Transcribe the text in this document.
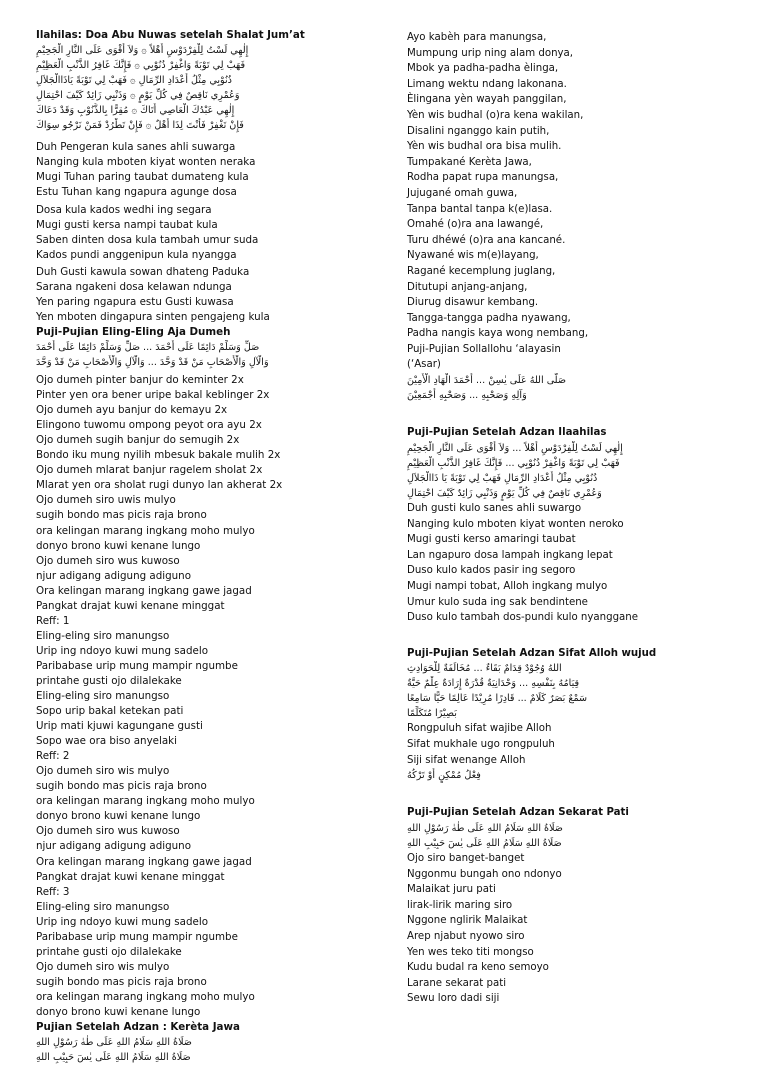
Ilahilas: Doa Abu Nuwas setelah Shalat Jum’at
إِلٰهِي لَسْتُ لِلْفِرْدَوْسِ أَهْلاً ۞ وَلاَ أَقْوَى عَلَى النَّارِ الْجَحِيْمِ
فَهَبْ لِي تَوْبَةً وَاغْفِرْ ذُنُوْبِي ۞ فَإِنَّكَ غَافِرُ الذَّنْبِ الْعَظِيْمِ
ذُنُوْبِي مِثْلُ أَعْدَادِ الرِّمَالِ ۞ فَهَبْ لِي تَوْبَةً يَاذَاالْجَلاَلِ
وَعُمْرِي نَاقِصٌ فِي كُلِّ يَوْمٍ ۞ وَذَنْبِي زَائِدٌ كَيْفَ احْتِمَالِ
إِلٰهِي عَبْدُكَ الْعَاصِي أَتَاكَ ۞ مُقِرًّا بِالذُّنُوْبِ وَقَدْ دَعَاكَ
فَإِنْ تَغْفِرْ فَأَنْتَ لِذَا أَهْلٌ ۞ فَإِنْ تَطْرُدْ فَمَنْ نَرْجُو سِوَاكَ
Duh Pengeran kula sanes ahli suwarga
Nanging kula mboten kiyat wonten neraka
Mugi Tuhan paring taubat dumateng kula
Estu Tuhan kang ngapura agunge dosa
Dosa kula kados wedhi ing segara
Mugi gusti kersa nampi taubat kula
Saben dinten dosa kula tambah umur suda
Kados pundi anggenipun kula nyangga
Duh Gusti kawula sowan dhateng Paduka
Sarana ngakeni dosa kelawan ndunga
Yen paring ngapura estu Gusti kuwasa
Yen mboten dingapura sinten pengajeng kula
Puji-Pujian Eling-Eling Aja Dumeh
صَلِّ وَسَلِّمْ دَائِمًا عَلَى أَحْمَدَ ... صَلِّ وَسَلِّمْ دَائِمًا عَلَى أَحْمَدَ
وَالْآلِ وَالْأَصْحَابِ مَنْ قَدْ وَحَّدَ ... وَالْآلِ وَالْأَصْحَابِ مَنْ قَدْ وَحَّدَ
Ojo dumeh pinter banjur do keminter 2x
Pinter yen ora bener uripe bakal keblinger 2x
Ojo dumeh ayu banjur do kemayu 2x
Elingono tuwomu ompong peyot ora ayu 2x
Ojo dumeh sugih banjur do semugih 2x
Bondo iku mung nyilih mbesuk bakale mulih 2x
Ojo dumeh mlarat banjur ragelem sholat 2x
Mlarat yen ora sholat rugi dunyo lan akherat 2x
Ojo dumeh siro uwis mulyo
sugih bondo mas picis raja brono
ora kelingan marang ingkang moho mulyo
donyo brono kuwi kenane lungo
Ojo dumeh siro wus kuwoso
njur adigang adigung adiguno
Ora kelingan marang ingkang gawe jagad
Pangkat drajat kuwi kenane minggat
Reff: 1
Eling-eling siro manungso
Urip ing ndoyo kuwi mung sadelo
Paribabase urip mung mampir ngumbe
printahe gusti ojo dilalekake
Eling-eling siro manungso
Sopo urip bakal ketekan pati
Urip mati kjuwi kagungane gusti
Sopo wae ora biso anyelaki
Reff: 2
Ojo dumeh siro wis mulyo
sugih bondo mas picis raja brono
ora kelingan marang ingkang moho mulyo
donyo brono kuwi kenane lungo
Ojo dumeh siro wus kuwoso
njur adigang adigung adiguno
Ora kelingan marang ingkang gawe jagad
Pangkat drajat kuwi kenane minggat
Reff: 3
Eling-eling siro manungso
Urip ing ndoyo kuwi mung sadelo
Paribabase urip mung mampir ngumbe
printahe gusti ojo dilalekake
Ojo dumeh siro wis mulyo
sugih bondo mas picis raja brono
ora kelingan marang ingkang moho mulyo
donyo brono kuwi kenane lungo
Pujian Setelah Adzan : Kerèta Jawa
صَلَاةُ اللهِ سَلَامُ اللهِ عَلَى طٰهٰ رَسُوْلِ اللهِ
صَلَاةُ اللهِ سَلَامُ اللهِ عَلَى يٰسٓ حَبِيْبِ اللهِ
Ayo kabèh para manungsa,
Mumpung urip ning alam donya,
Mbok ya padha-padha èlinga,
Limang wektu ndang lakonana.
Èlingana yèn wayah panggilan,
Yèn wis budhal (o)ra kena wakilan,
Disalini nganggo kain putih,
Yèn wis budhal ora bisa mulih.
Tumpakané Kerèta Jawa,
Rodha papat rupa manungsa,
Jujugané omah guwa,
Tanpa bantal tanpa k(e)lasa.
Omahé (o)ra ana lawangé,
Turu dhéwé (o)ra ana kancané.
Nyawané wis m(e)layang,
Ragané kecemplung juglang,
Ditutupi anjang-anjang,
Diurug disawur kembang.
Tangga-tangga padha nyawang,
Padha nangis kaya wong nembang,
Puji-Pujian Sollallohu ‘alayasin
(‘Asar)
صَلَّى اللهُ عَلَى يٰسِنْ ... أَحْمَدَ الْهَادِ الْأَمِيْنَ
وَآلِهِ وَصَحْبِهِ ... وَصَحْبِهِ أَجْمَعِيْنَ
Puji-Pujian Setelah Adzan Ilaahilas
إِلٰهِي لَسْتُ لِلْفِرْدَوْسِ أَهْلاً ... وَلاَ أَقْوَى عَلَى النَّارِ الْجَحِيْمِ
فَهَبْ لِي تَوْبَةً وَاغْفِرْ ذُنُوْبِي ... فَإِنَّكَ غَافِرُ الذَّنْبِ الْعَظِيْمِ
ذُنُوْبِي مِثْلُ أَعْدَادِ الرِّمَالِ فَهَبْ لِي تَوْبَةً يَا ذَاالْجَلاَلِ
وَعُمْرِي نَاقِصٌ فِي كُلِّ يَوْمٍ وَذَنْبِي زَائِدٌ كَيْفَ احْتِمَالِ
Duh gusti kulo sanes ahli suwargo
Nanging kulo mboten kiyat wonten neroko
Mugi gusti kerso amaringi taubat
Lan ngapuro dosa lampah ingkang lepat
Duso kulo kados pasir ing segoro
Mugi nampi tobat, Alloh ingkang mulyo
Umur kulo suda ing sak bendintene
Duso kulo tambah dos-pundi kulo nyanggane
Puji-Pujian Setelah Adzan Sifat Alloh wujud
اللهُ وُجُوْدٌ قِدَامٌ بَقَاءٌ ... مُخَالَفَةٌ لِلْحَوَادِثِ
قِيَامُهُ بِنَفْسِهِ ... وَحْدَانِيَةٌ قُدْرَةٌ إِرَادَةٌ عِلْمٌ حَيَّةٌ
سَمْعٌ بَصَرٌ كَلَامٌ ... قَادِرًا مُرِيْدًا عَالِمًا حَيًّا سَامِعًا
بَصِيْرًا مُتَكَلِّمًا
Rongpuluh sifat wajibe Alloh
Sifat mukhale ugo rongpuluh
Siji sifat wenange Alloh
فِعْلُ مُمْكِنٍ أَوْ تَرْكُهُ
Puji-Pujian Setelah Adzan Sekarat Pati
صَلَاةُ اللهِ سَلَامُ اللهِ عَلَى طٰهٰ رَسُوْلِ اللهِ
صَلَاةُ اللهِ سَلَامُ اللهِ عَلَى يٰسٓ حَبِيْبِ اللهِ
Ojo siro banget-banget
Nggonmu bungah ono ndonyo
Malaikat juru pati
lirak-lirik maring siro
Nggone nglirik Malaikat
Arep njabut nyowo siro
Yen wes teko titi mongso
Kudu budal ra keno semoyo
Larane sekarat pati
Sewu loro dadi siji
